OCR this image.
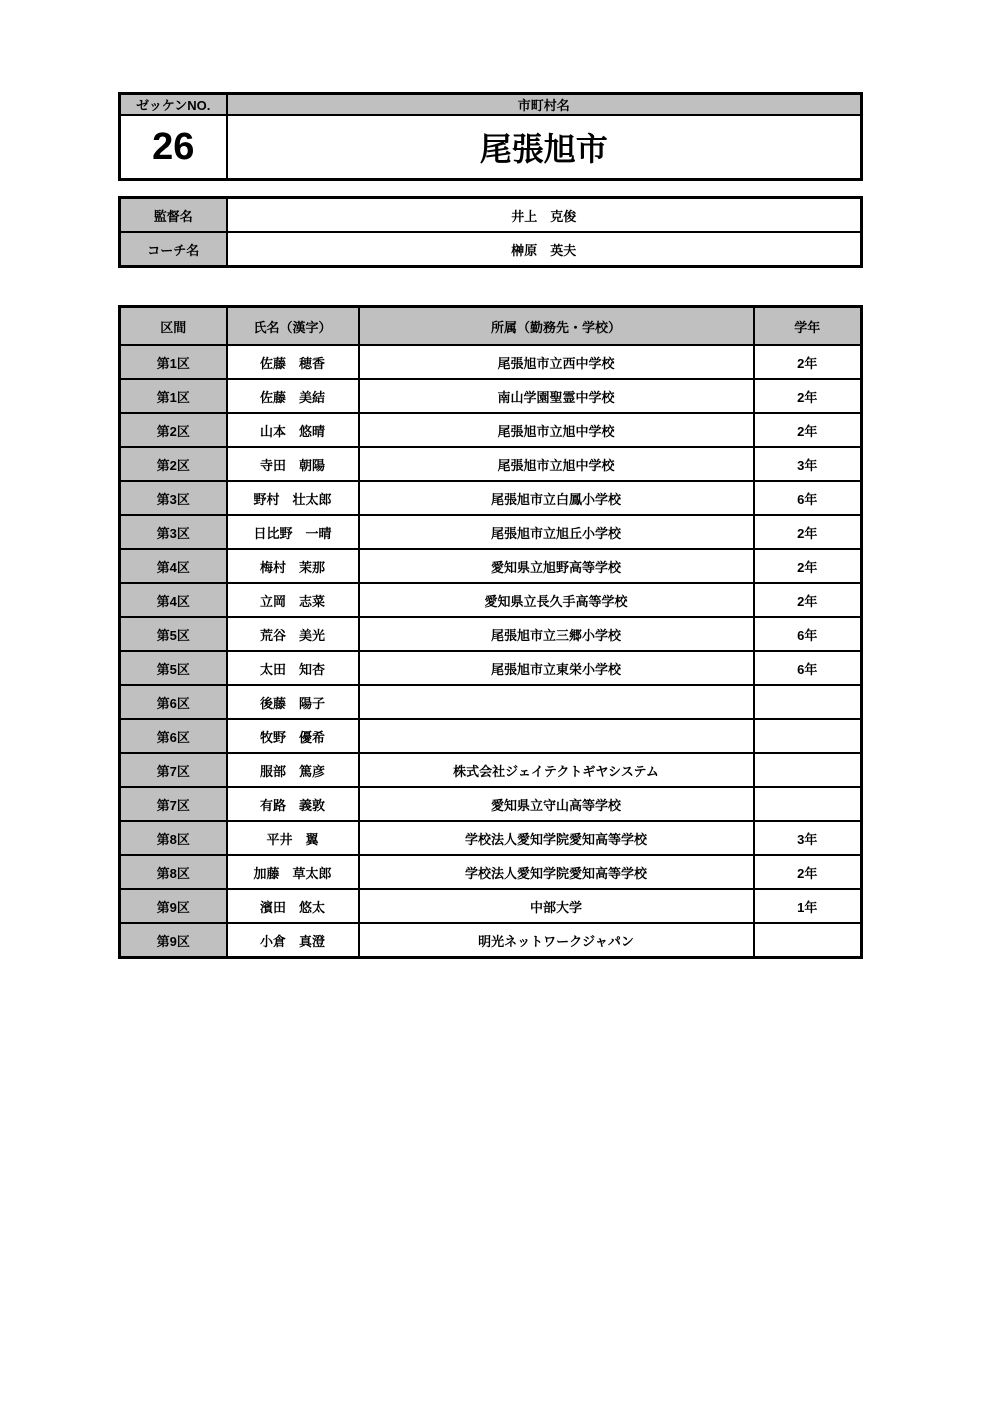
ゼッケンNO.	市町村名
26	尾張旭市
監督名	井上　克俊
コーチ名	榊原　英夫
区間	氏名（漢字）	所属（勤務先・学校）	学年
第1区	佐藤　穂香	尾張旭市立西中学校	2年
第1区	佐藤　美結	南山学園聖霊中学校	2年
第2区	山本　悠晴	尾張旭市立旭中学校	2年
第2区	寺田　朝陽	尾張旭市立旭中学校	3年
第3区	野村　壮太郎	尾張旭市立白鳳小学校	6年
第3区	日比野　一晴	尾張旭市立旭丘小学校	2年
第4区	梅村　茉那	愛知県立旭野高等学校	2年
第4区	立岡　志菜	愛知県立長久手高等学校	2年
第5区	荒谷　美光	尾張旭市立三郷小学校	6年
第5区	太田　知杏	尾張旭市立東栄小学校	6年
第6区	後藤　陽子		
第6区	牧野　優希		
第7区	服部　篤彦	株式会社ジェイテクトギヤシステム	
第7区	有路　義敦	愛知県立守山高等学校	
第8区	平井　翼	学校法人愛知学院愛知高等学校	3年
第8区	加藤　草太郎	学校法人愛知学院愛知高等学校	2年
第9区	濱田　悠太	中部大学	1年
第9区	小倉　真澄	明光ネットワークジャパン	
